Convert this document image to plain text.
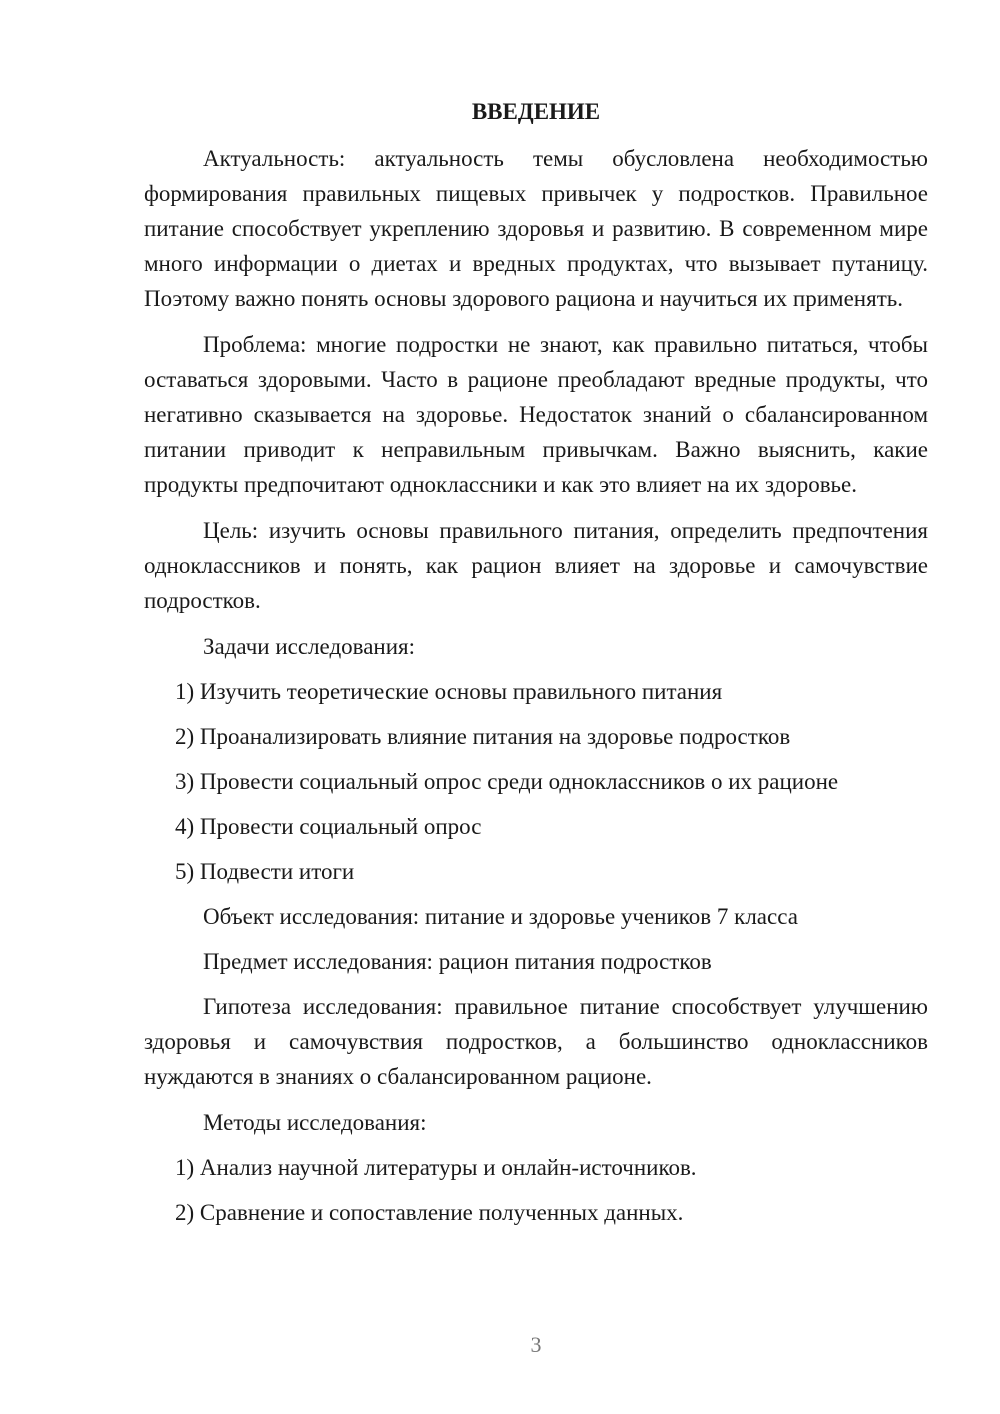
ВВЕДЕНИЕ

Актуальность: актуальность темы обусловлена необходимостью формирования правильных пищевых привычек у подростков. Правильное питание способствует укреплению здоровья и развитию. В современном мире много информации о диетах и вредных продуктах, что вызывает путаницу. Поэтому важно понять основы здорового рациона и научиться их применять.

Проблема: многие подростки не знают, как правильно питаться, чтобы оставаться здоровыми. Часто в рационе преобладают вредные продукты, что негативно сказывается на здоровье. Недостаток знаний о сбалансированном питании приводит к неправильным привычкам. Важно выяснить, какие продукты предпочитают одноклассники и как это влияет на их здоровье.

Цель: изучить основы правильного питания, определить предпочтения одноклассников и понять, как рацион влияет на здоровье и самочувствие подростков.

Задачи исследования:
1) Изучить теоретические основы правильного питания
2) Проанализировать влияние питания на здоровье подростков
3) Провести социальный опрос среди одноклассников о их рационе
4) Провести социальный опрос
5) Подвести итоги
Объект исследования: питание и здоровье учеников 7 класса
Предмет исследования: рацион питания подростков

Гипотеза исследования: правильное питание способствует улучшению здоровья и самочувствия подростков, а большинство одноклассников нуждаются в знаниях о сбалансированном рационе.

Методы исследования:
1) Анализ научной литературы и онлайн-источников.
2) Сравнение и сопоставление полученных данных.
3
